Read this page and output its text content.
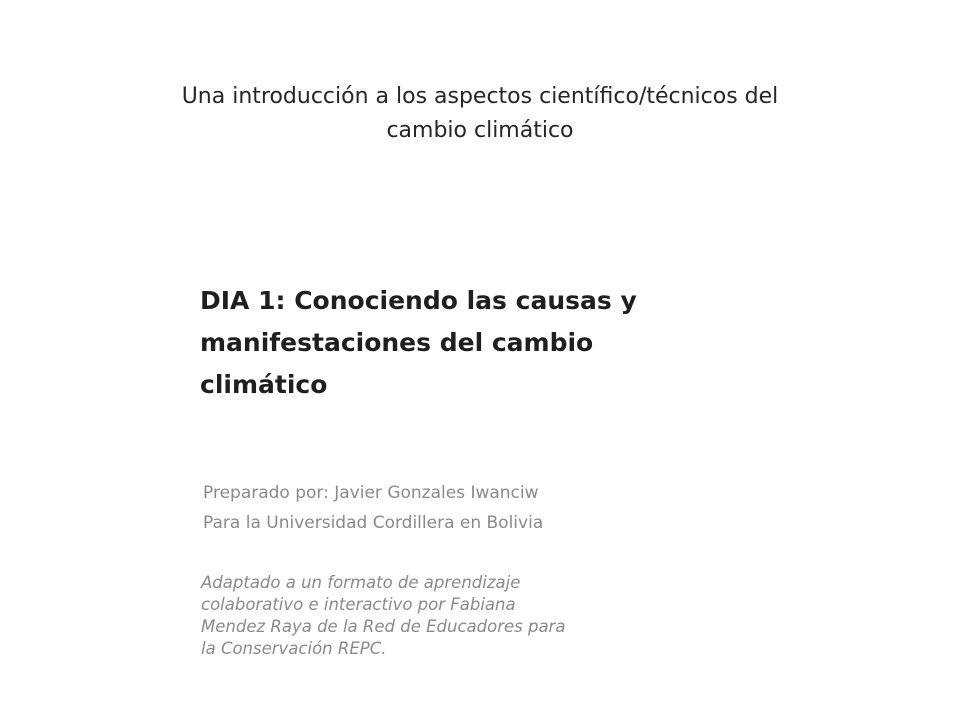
Una introducción a los aspectos científico/técnicos del
cambio climático
DIA 1: Conociendo las causas y
manifestaciones del cambio
climático
Preparado por: Javier Gonzales Iwanciw
Para la Universidad Cordillera en Bolivia
Adaptado a un formato de aprendizaje
colaborativo e interactivo por Fabiana
Mendez Raya de la Red de Educadores para
la Conservación REPC.
